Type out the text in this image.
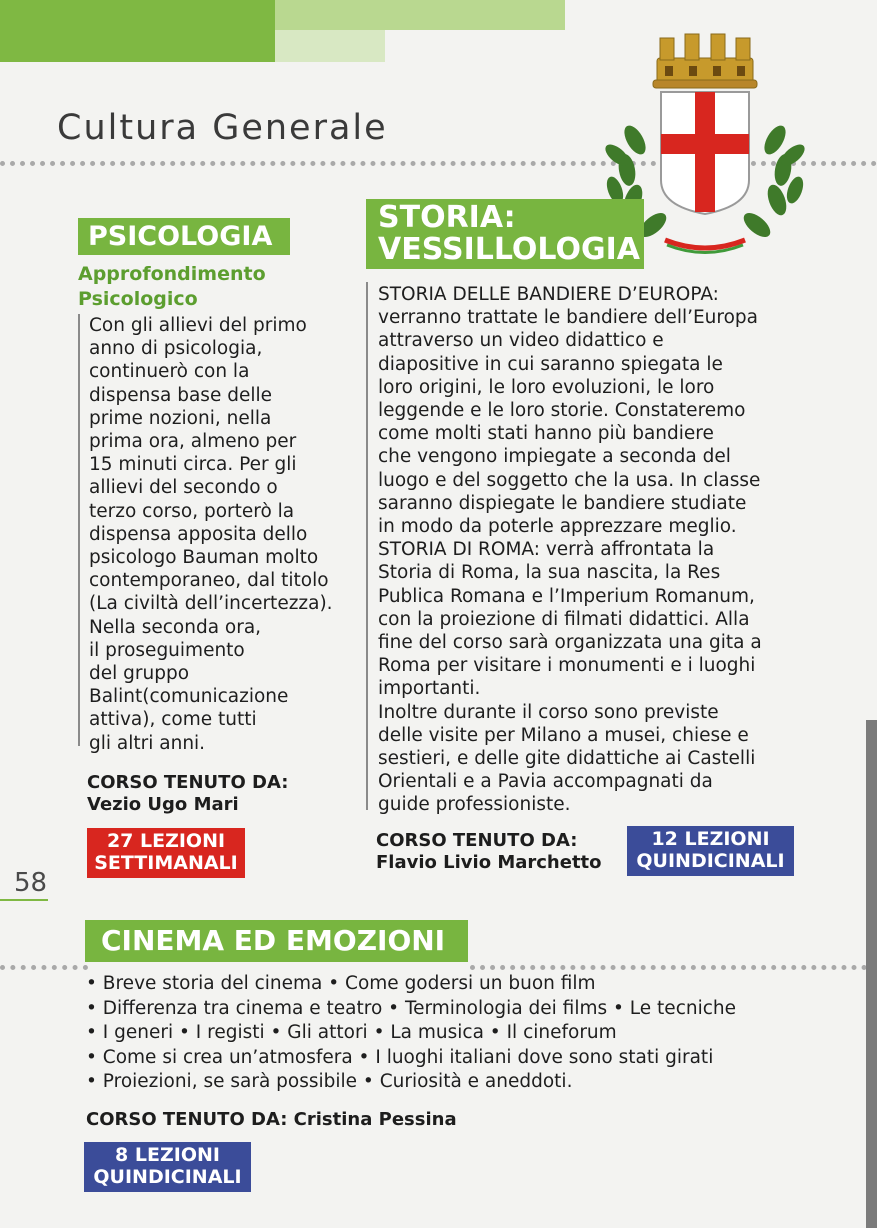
Cultura Generale
PSICOLOGIA
Approfondimento
Psicologico
Con gli allievi del primo
anno di psicologia,
continuerò con la
dispensa base delle
prime nozioni, nella
prima ora, almeno per
15 minuti circa. Per gli
allievi del secondo o
terzo corso, porterò la
dispensa apposita dello
psicologo Bauman molto
contemporaneo, dal titolo
(La civiltà dell’incertezza).
Nella seconda ora,
il proseguimento
del gruppo
Balint(comunicazione
attiva), come tutti
gli altri anni.
CORSO TENUTO DA:
Vezio Ugo Mari
27 LEZIONI
SETTIMANALI
58
STORIA:
VESSILLOLOGIA
STORIA DELLE BANDIERE D’EUROPA:
verranno trattate le bandiere dell’Europa
attraverso un video didattico e
diapositive in cui saranno spiegata le
loro origini, le loro evoluzioni, le loro
leggende e le loro storie. Constateremo
come molti stati hanno più bandiere
che vengono impiegate a seconda del
luogo e del soggetto che la usa. In classe
saranno dispiegate le bandiere studiate
in modo da poterle apprezzare meglio.
STORIA DI ROMA: verrà affrontata la
Storia di Roma, la sua nascita, la Res
Publica Romana e l’Imperium Romanum,
con la proiezione di filmati didattici. Alla
fine del corso sarà organizzata una gita a
Roma per visitare i monumenti e i luoghi
importanti.
Inoltre durante il corso sono previste
delle visite per Milano a musei, chiese e
sestieri, e delle gite didattiche ai Castelli
Orientali e a Pavia accompagnati da
guide professioniste.
CORSO TENUTO DA:
Flavio Livio Marchetto
12 LEZIONI
QUINDICINALI
CINEMA ED EMOZIONI
• Breve storia del cinema • Come godersi un buon film
• Differenza tra cinema e teatro • Terminologia dei films • Le tecniche
• I generi • I registi • Gli attori • La musica • Il cineforum
• Come si crea un’atmosfera • I luoghi italiani dove sono stati girati
• Proiezioni, se sarà possibile • Curiosità e aneddoti.
CORSO TENUTO DA: Cristina Pessina
8 LEZIONI
QUINDICINALI
